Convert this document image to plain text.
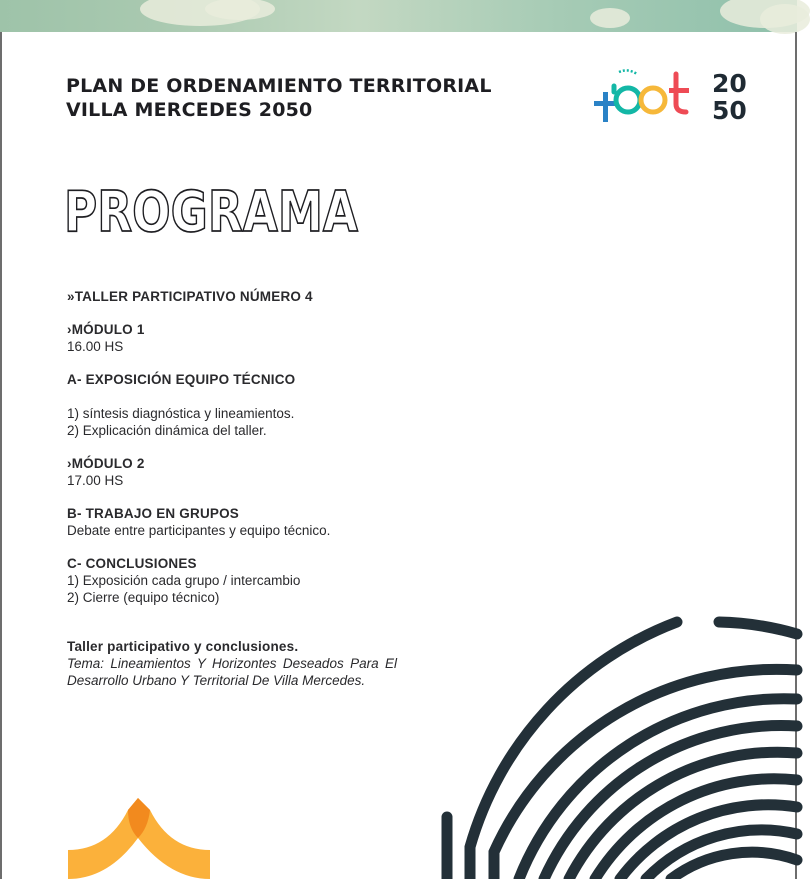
PLAN DE ORDENAMIENTO TERRITORIAL
VILLA MERCEDES 2050
pot
20
50
PROGRAMA

»TALLER PARTICIPATIVO NÚMERO 4

›MÓDULO 1

16.00 HS

A- EXPOSICIÓN EQUIPO TÉCNICO

1) síntesis diagnóstica y lineamientos.

2) Explicación dinámica del taller.

›MÓDULO 2

17.00 HS

B- TRABAJO EN GRUPOS

Debate entre participantes y equipo técnico.

C- CONCLUSIONES

1) Exposición cada grupo / intercambio

2) Cierre (equipo técnico)

Taller participativo y conclusiones.

Tema: Lineamientos Y Horizontes Deseados Para El Desarrollo Urbano Y Territorial De Villa Mercedes.
